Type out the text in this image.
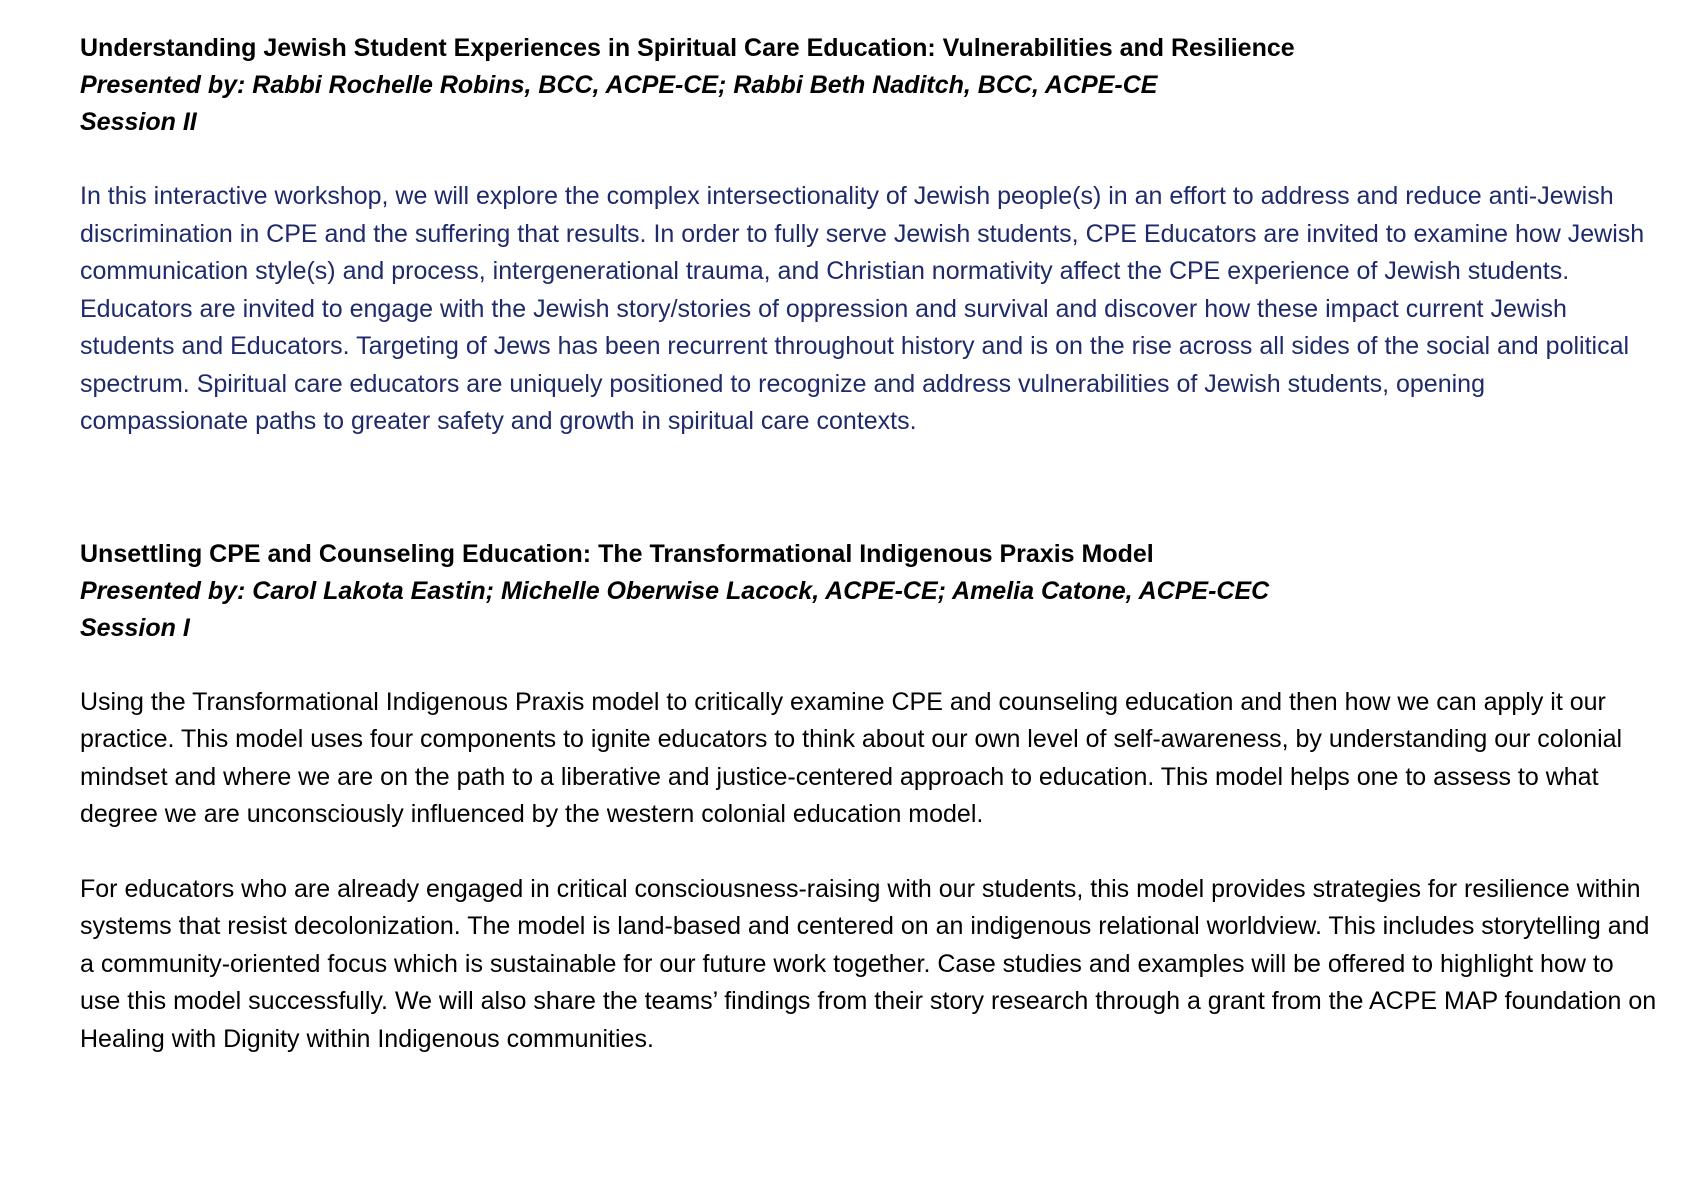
Understanding Jewish Student Experiences in Spiritual Care Education: Vulnerabilities and Resilience

Presented by: Rabbi Rochelle Robins, BCC, ACPE-CE; Rabbi Beth Naditch, BCC, ACPE-CE

Session II

In this interactive workshop, we will explore the complex intersectionality of Jewish people(s) in an effort to address and reduce anti-Jewish discrimination in CPE and the suffering that results. In order to fully serve Jewish students, CPE Educators are invited to examine how Jewish communication style(s) and process, intergenerational trauma, and Christian normativity affect the CPE experience of Jewish students. Educators are invited to engage with the Jewish story/stories of oppression and survival and discover how these impact current Jewish students and Educators. Targeting of Jews has been recurrent throughout history and is on the rise across all sides of the social and political spectrum. Spiritual care educators are uniquely positioned to recognize and address vulnerabilities of Jewish students, opening compassionate paths to greater safety and growth in spiritual care contexts.

Unsettling CPE and Counseling Education: The Transformational Indigenous Praxis Model

Presented by: Carol Lakota Eastin; Michelle Oberwise Lacock, ACPE-CE; Amelia Catone, ACPE-CEC

Session I

Using the Transformational Indigenous Praxis model to critically examine CPE and counseling education and then how we can apply it our practice. This model uses four components to ignite educators to think about our own level of self-awareness, by understanding our colonial mindset and where we are on the path to a liberative and justice-centered approach to education. This model helps one to assess to what degree we are unconsciously influenced by the western colonial education model.

For educators who are already engaged in critical consciousness-raising with our students, this model provides strategies for resilience within systems that resist decolonization. The model is land-based and centered on an indigenous relational worldview. This includes storytelling and a community-oriented focus which is sustainable for our future work together. Case studies and examples will be offered to highlight how to use this model successfully. We will also share the teams’ findings from their story research through a grant from the ACPE MAP foundation on Healing with Dignity within Indigenous communities.
